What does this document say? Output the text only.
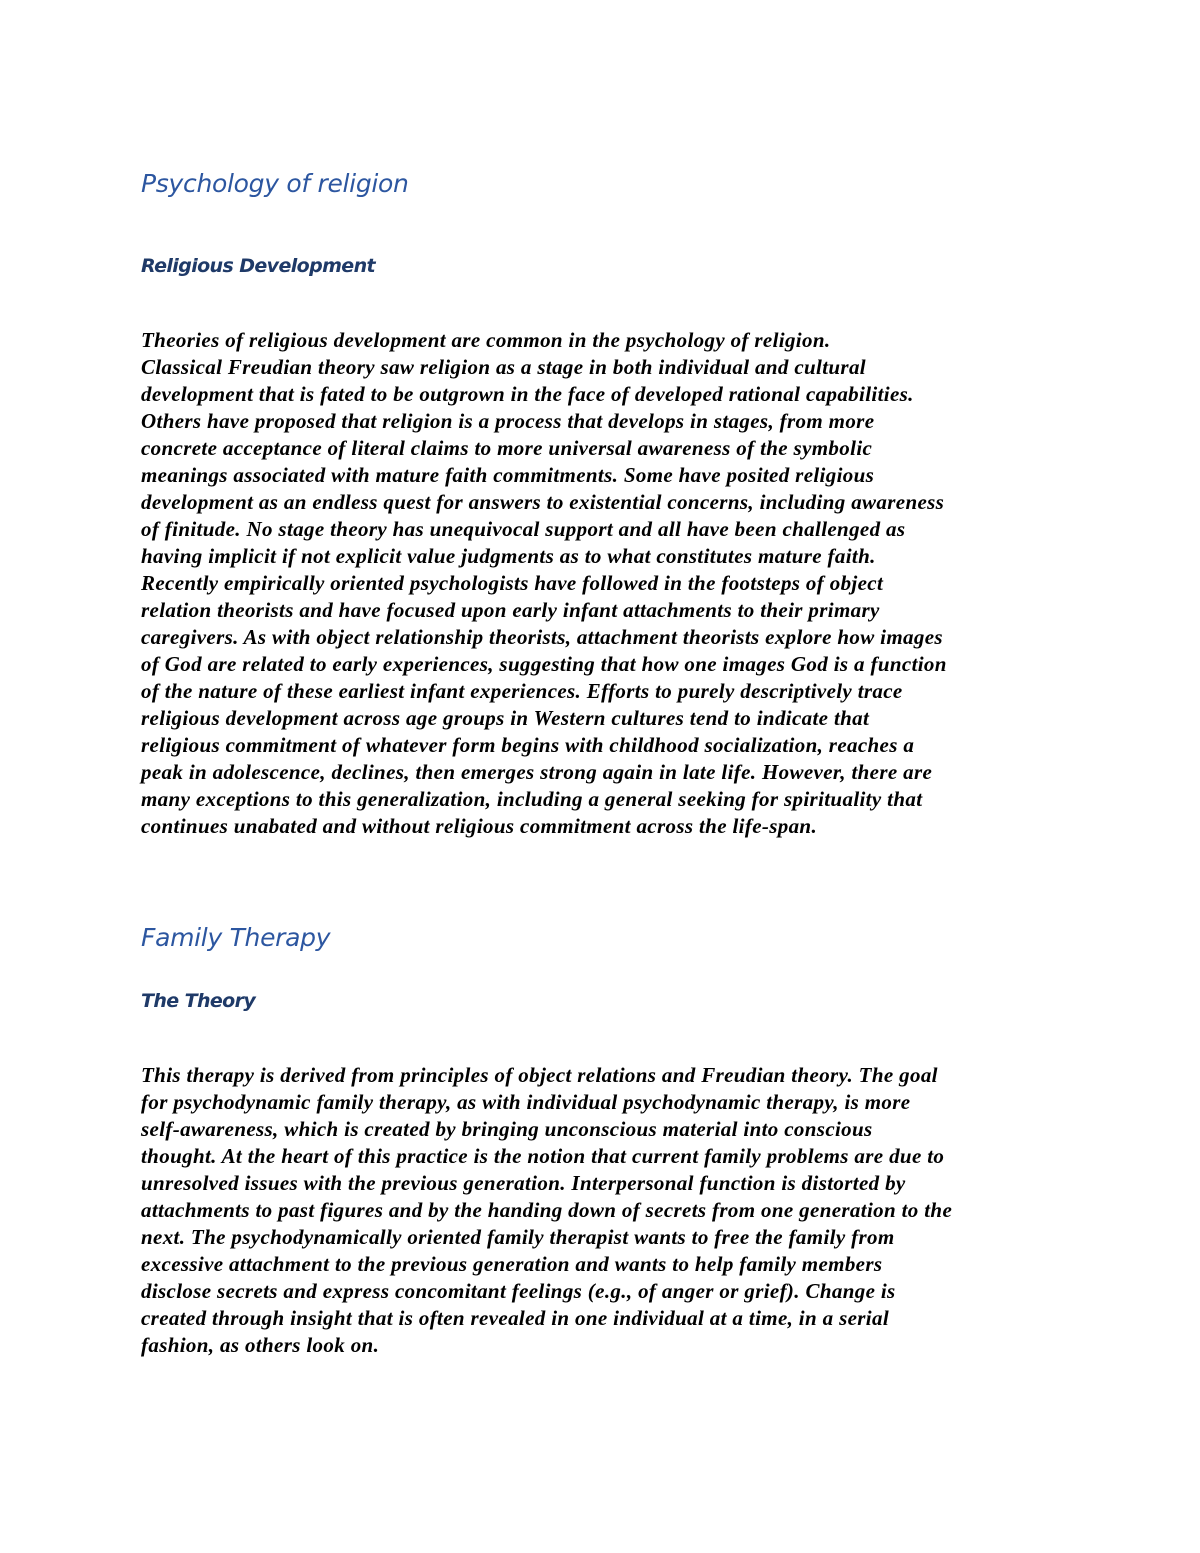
Psychology of religion
Religious Development

Theories of religious development are common in the psychology of religion.

Classical Freudian theory saw religion as a stage in both individual and cultural

development that is fated to be outgrown in the face of developed rational capabilities.

Others have proposed that religion is a process that develops in stages, from more

concrete acceptance of literal claims to more universal awareness of the symbolic

meanings associated with mature faith commitments. Some have posited religious

development as an endless quest for answers to existential concerns, including awareness

of finitude. No stage theory has unequivocal support and all have been challenged as

having implicit if not explicit value judgments as to what constitutes mature faith.

Recently empirically oriented psychologists have followed in the footsteps of object

relation theorists and have focused upon early infant attachments to their primary

caregivers. As with object relationship theorists, attachment theorists explore how images

of God are related to early experiences, suggesting that how one images God is a function

of the nature of these earliest infant experiences. Efforts to purely descriptively trace

religious development across age groups in Western cultures tend to indicate that

religious commitment of whatever form begins with childhood socialization, reaches a

peak in adolescence, declines, then emerges strong again in late life. However, there are

many exceptions to this generalization, including a general seeking for spirituality that

continues unabated and without religious commitment across the life-span.

Family Therapy
The Theory

This therapy is derived from principles of object relations and Freudian theory. The goal

for psychodynamic family therapy, as with individual psychodynamic therapy, is more

self-awareness, which is created by bringing unconscious material into conscious

thought. At the heart of this practice is the notion that current family problems are due to

unresolved issues with the previous generation. Interpersonal function is distorted by

attachments to past figures and by the handing down of secrets from one generation to the

next. The psychodynamically oriented family therapist wants to free the family from

excessive attachment to the previous generation and wants to help family members

disclose secrets and express concomitant feelings (e.g., of anger or grief). Change is

created through insight that is often revealed in one individual at a time, in a serial

fashion, as others look on.
